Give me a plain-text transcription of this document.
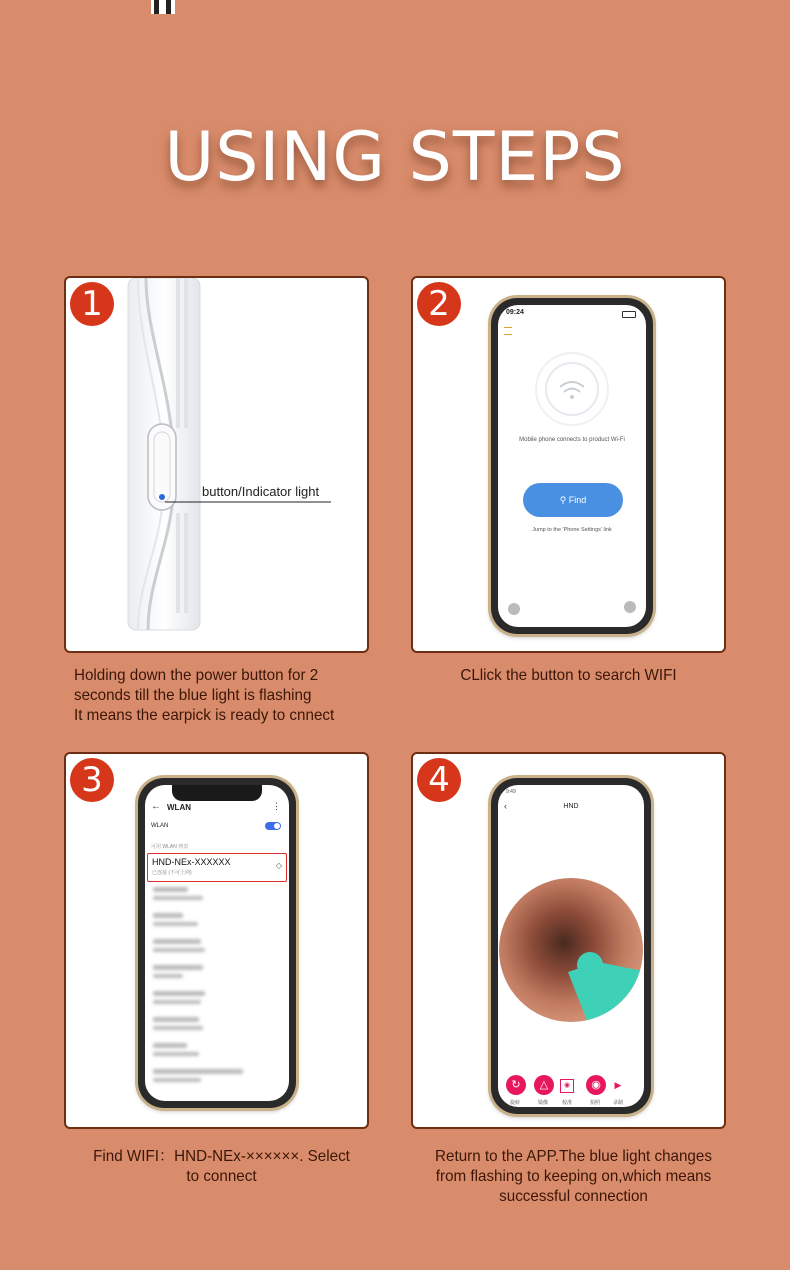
USING STEPS
1
button/Indicator light
Holding down the power button for 2
seconds till the blue light is flashing
It means the earpick is ready to cnnect
2	09:24
Mobile phone connects to product Wi-Fi
⚲ Find
Jump to the 'Phone Settings' link
CLlick the button to search WIFI
3
← WLAN	⋮
WLAN
可用 WLAN 列表
HND-NEx-XXXXXX
已连接 (不可上网)
◇
Find WIFI：HND-NEx-××××××. Select
to connect
4	9:49
‹	HND
↻	△	◉	◉	▶
旋转	镜像	校准	拍照	录制
Return to the APP.The blue light changes
from flashing to keeping on,which means
successful connection
